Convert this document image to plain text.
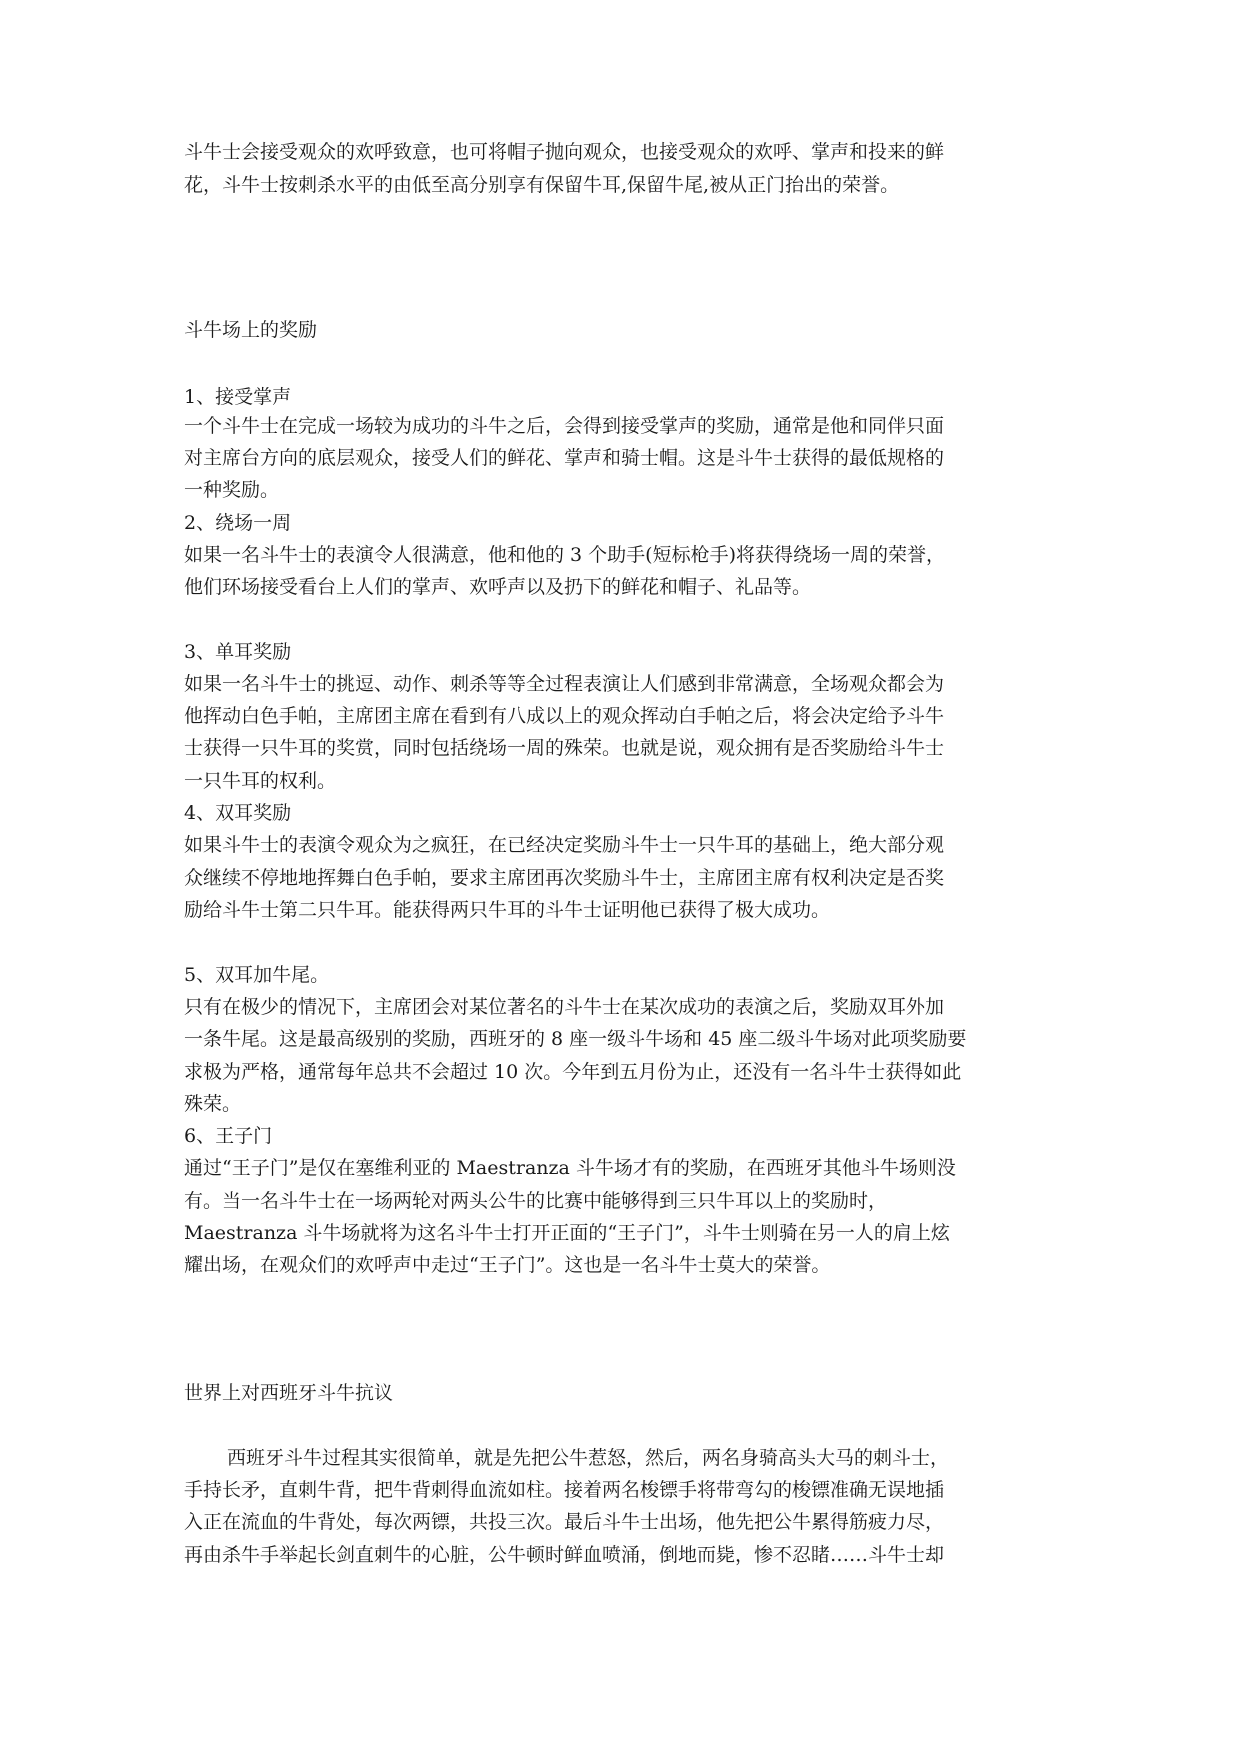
斗牛士会接受观众的欢呼致意，也可将帽子抛向观众，也接受观众的欢呼、掌声和投来的鲜
花，斗牛士按刺杀水平的由低至高分别享有保留牛耳,保留牛尾,被从正门抬出的荣誉。
斗牛场上的奖励
1、接受掌声
一个斗牛士在完成一场较为成功的斗牛之后，会得到接受掌声的奖励，通常是他和同伴只面
对主席台方向的底层观众，接受人们的鲜花、掌声和骑士帽。这是斗牛士获得的最低规格的
一种奖励。
2、绕场一周
如果一名斗牛士的表演令人很满意，他和他的 3 个助手(短标枪手)将获得绕场一周的荣誉，
他们环场接受看台上人们的掌声、欢呼声以及扔下的鲜花和帽子、礼品等。
3、单耳奖励
如果一名斗牛士的挑逗、动作、刺杀等等全过程表演让人们感到非常满意，全场观众都会为
他挥动白色手帕，主席团主席在看到有八成以上的观众挥动白手帕之后，将会决定给予斗牛
士获得一只牛耳的奖赏，同时包括绕场一周的殊荣。也就是说，观众拥有是否奖励给斗牛士
一只牛耳的权利。
4、双耳奖励
如果斗牛士的表演令观众为之疯狂，在已经决定奖励斗牛士一只牛耳的基础上，绝大部分观
众继续不停地地挥舞白色手帕，要求主席团再次奖励斗牛士，主席团主席有权利决定是否奖
励给斗牛士第二只牛耳。能获得两只牛耳的斗牛士证明他已获得了极大成功。
5、双耳加牛尾。
只有在极少的情况下，主席团会对某位著名的斗牛士在某次成功的表演之后，奖励双耳外加
一条牛尾。这是最高级别的奖励，西班牙的 8 座一级斗牛场和 45 座二级斗牛场对此项奖励要
求极为严格，通常每年总共不会超过 10 次。今年到五月份为止，还没有一名斗牛士获得如此
殊荣。
6、王子门
通过“王子门”是仅在塞维利亚的 Maestranza 斗牛场才有的奖励，在西班牙其他斗牛场则没
有。当一名斗牛士在一场两轮对两头公牛的比赛中能够得到三只牛耳以上的奖励时，
Maestranza 斗牛场就将为这名斗牛士打开正面的“王子门”，斗牛士则骑在另一人的肩上炫
耀出场，在观众们的欢呼声中走过“王子门”。这也是一名斗牛士莫大的荣誉。
世界上对西班牙斗牛抗议
西班牙斗牛过程其实很简单，就是先把公牛惹怒，然后，两名身骑高头大马的刺斗士，
手持长矛，直刺牛背，把牛背刺得血流如柱。接着两名梭镖手将带弯勾的梭镖准确无误地插
入正在流血的牛背处，每次两镖，共投三次。最后斗牛士出场，他先把公牛累得筋疲力尽，
再由杀牛手举起长剑直刺牛的心脏，公牛顿时鲜血喷涌，倒地而毙，惨不忍睹……斗牛士却
